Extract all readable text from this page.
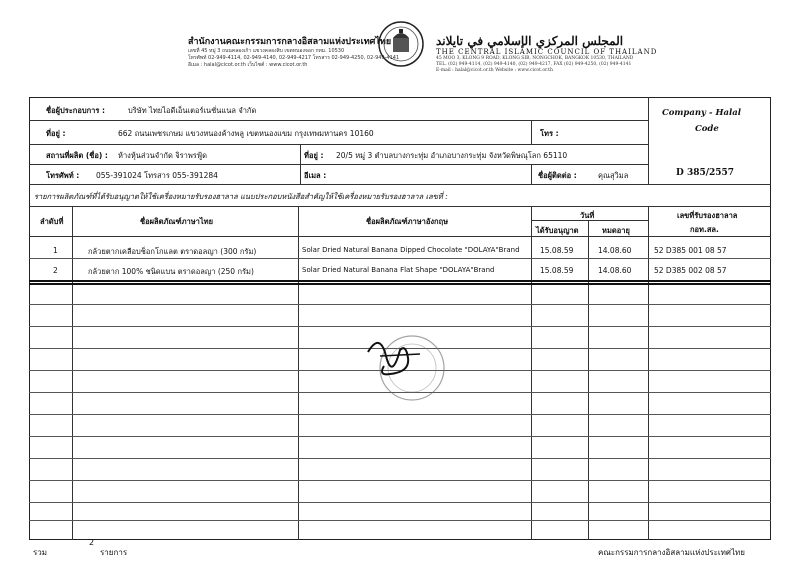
สำนักงานคณะกรรมการกลางอิสลามแห่งประเทศไทย
เลขที่ 45 หมู่ 3 ถนนคลองเก้า แขวงคลองสิบ เขตหนองจอก กทม. 10530
โทรศัพท์ 02-949-4114, 02-949-4140, 02-949-4217 โทรสาร 02-949-4250, 02-949-4141
อีเมล : halal@cicot.or.th เว็บไซต์ : www.cicot.or.th
المجلس المركزي الإسلامي في تايلاند
THE CENTRAL ISLAMIC COUNCIL OF THAILAND
45 MOO 3, KLONG 9 ROAD, KLONG SIB, NONGCHOK, BANGKOK 10530, THAILAND
TEL. (02) 949-4114, (02) 949-4140, (02) 949-4217, FAX (02) 949-4250, (02) 949-4141
E-mail : halal@cicot.or.th Website : www.cicot.or.th
ชื่อผู้ประกอบการ :	บริษัท ไทยไอดีเอ็นเตอร์เนชั่นแนล จำกัด
ที่อยู่ :	662 ถนนเพชรเกษม แขวงหนองค้างพลู เขตหนองแขม กรุงเทพมหานคร 10160	โทร :
Company - Halal
Code
D 385/2557
สถานที่ผลิต (ชื่อ) : ห้างหุ้นส่วนจำกัด จิราพรฟู้ด	ที่อยู่ : 20/5 หมู่ 3 ตำบลบางกระทุ่ม อำเภอบางกระทุ่ม จังหวัดพิษณุโลก 65110
โทรศัพท์ : 055-391024 โทรสาร 055-391284	อีเมล :	ชื่อผู้ติดต่อ :	คุณสุวิมล
รายการผลิตภัณฑ์ที่ได้รับอนุญาตให้ใช้เครื่องหมายรับรองฮาลาล แนบประกอบหนังสือสำคัญให้ใช้เครื่องหมายรับรองฮาลาล เลขที่ :
ลำดับที่	ชื่อผลิตภัณฑ์ภาษาไทย	ชื่อผลิตภัณฑ์ภาษาอังกฤษ
วันที่
ได้รับอนุญาต	หมดอายุ
เลขที่รับรองฮาลาล
กอท.สล.
1	กล้วยตากเคลือบช็อกโกแลต ตราดอลญา (300 กรัม)	Solar Dried Natural Banana Dipped Chocolate "DOLAYA"Brand	15.08.59	14.08.60	52 D385 001 08 57
2	กล้วยตาก 100% ชนิดแบน ตราดอลญา (250 กรัม)	Solar Dried Natural Banana Flat Shape "DOLAYA"Brand	15.08.59	14.08.60	52 D385 002 08 57
รวม
2
รายการ	คณะกรรมการกลางอิสลามแห่งประเทศไทย
